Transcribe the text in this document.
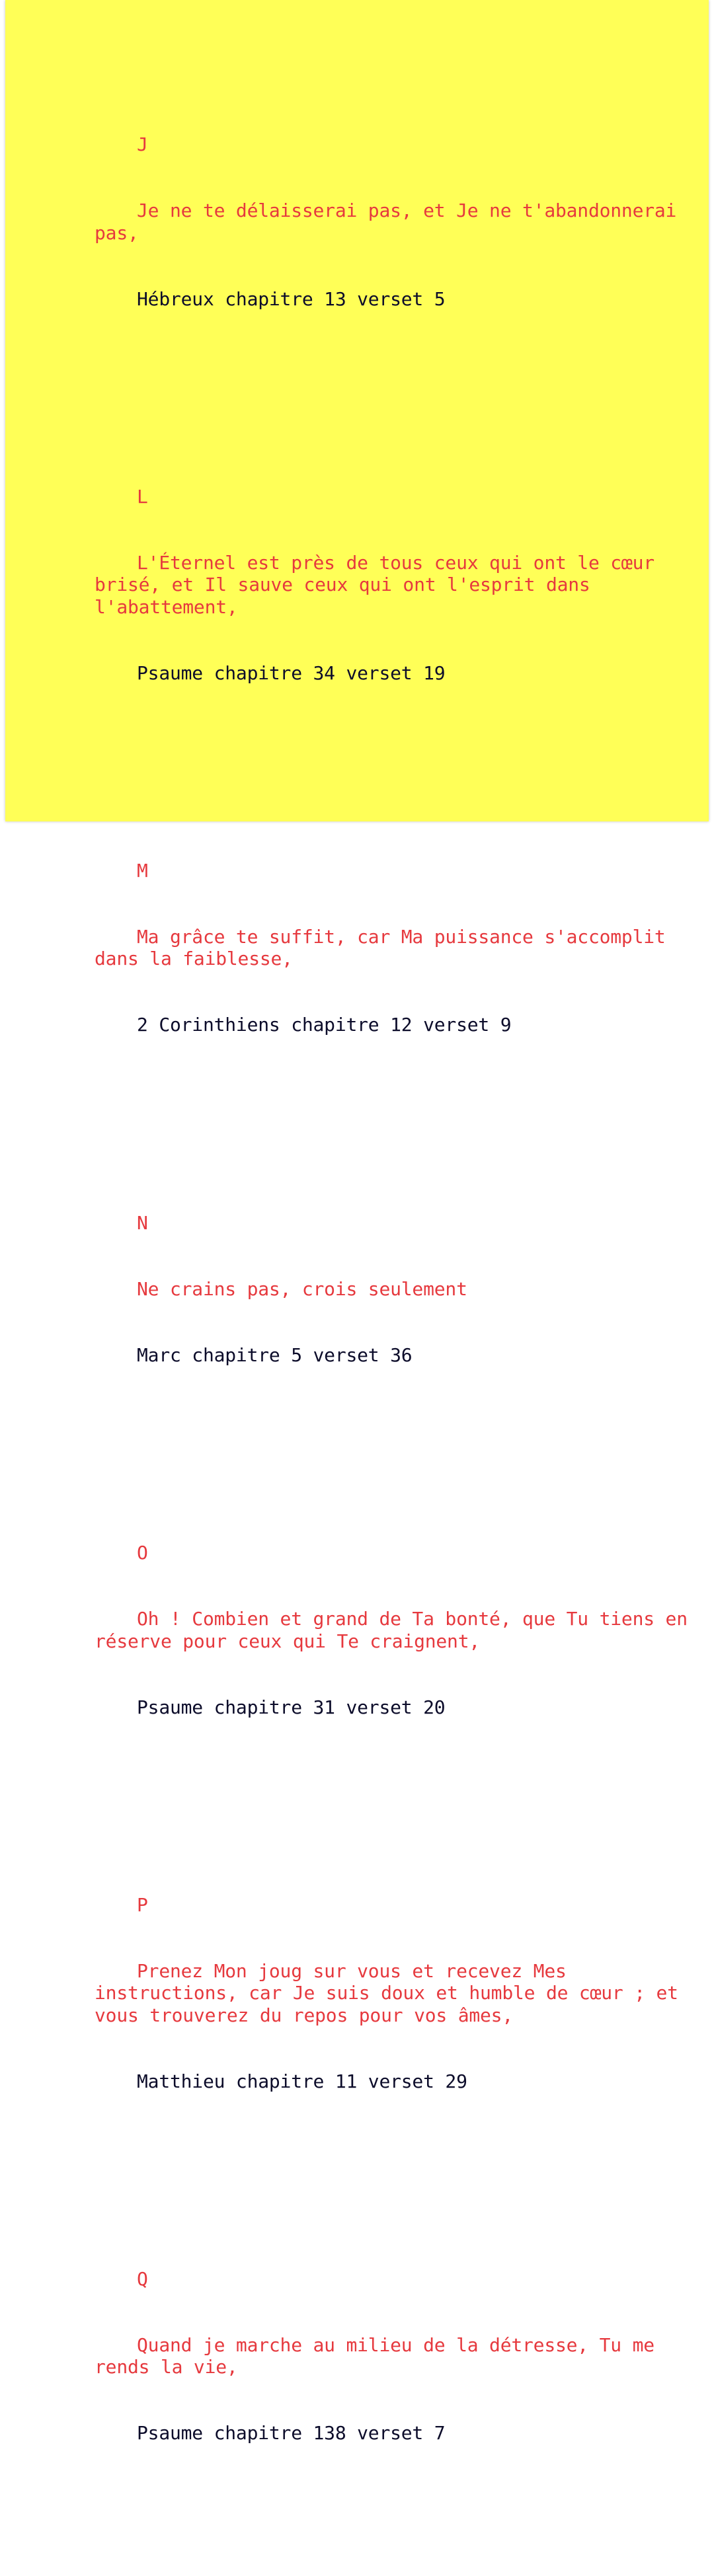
J

Je ne te délaisserai pas, et Je ne t'abandonnerai pas,

Hébreux chapitre 13 verset 5

L

L'Éternel est près de tous ceux qui ont le cœur brisé, et Il sauve ceux qui ont l'esprit dans l'abattement,

Psaume chapitre 34 verset 19

M

Ma grâce te suffit, car Ma puissance s'accomplit dans la faiblesse,

2 Corinthiens chapitre 12 verset 9

N

Ne crains pas, crois seulement

Marc chapitre 5 verset 36

O

Oh ! Combien et grand de Ta bonté, que Tu tiens en réserve pour ceux qui Te craignent,

Psaume chapitre 31 verset 20

P

Prenez Mon joug sur vous et recevez Mes instructions, car Je suis doux et humble de cœur ; et vous trouverez du repos pour vos âmes,

Matthieu chapitre 11 verset 29

Q

Quand je marche au milieu de la détresse, Tu me rends la vie,

Psaume chapitre 138 verset 7
